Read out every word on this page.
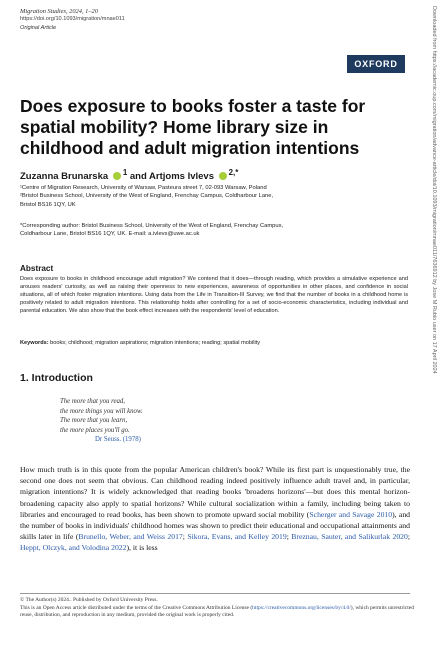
Migration Studies, 2024, 1–20
https://doi.org/10.1093/migration/mnae011
Original Article
OXFORD	Downloaded from https://academic.oup.com/migration/advance-article/doi/10.1093/migration/mnae011/7636912 by Jose M Rubio user on 17 April 2024
Does exposure to books foster a taste for spatial mobility? Home library size in childhood and adult migration intentions
Zuzanna Brunarska $^1$ and Artjoms Ivlevs $^{2,*}$
¹Centre of Migration Research, University of Warsaw, Pasteura street 7, 02-093 Warsaw, Poland
²Bristol Business School, University of the West of England, Frenchay Campus, Coldharbour Lane,
Bristol BS16 1QY, UK
*Corresponding author: Bristol Business School, University of the West of England, Frenchay Campus,
Coldharbour Lane, Bristol BS16 1QY, UK. E-mail: a.ivlevs@uwe.ac.uk
Abstract
Does exposure to books in childhood encourage adult migration? We contend that it does—through reading, which provides a simulative experience and arouses readers' curiosity, as well as raising their openness to new experiences, awareness of opportunities in other places, and confidence in social situations, all of which foster migration intentions. Using data from the Life in Transition-III Survey, we find that the number of books in a childhood home is positively related to adult migration intentions. This relationship holds after controlling for a set of socio-economic characteristics, including individual and parental education. We also show that the book effect increases with the respondents' level of education.
Keywords: books; childhood; migration aspirations; migration intentions; reading; spatial mobility
1. Introduction
The more that you read,
the more things you will know.
The more that you learn,
the more places you'll go.
Dr Seuss. (1978)
How much truth is in this quote from the popular American children's book? While its first part is unquestionably true, the second one does not seem that obvious. Can childhood reading indeed positively influence adult travel and, in particular, migration intentions? It is widely acknowledged that reading books 'broadens horizons'—but does this mental horizon-broadening capacity also apply to spatial horizons? While cultural socialization within a family, including being taken to libraries and encouraged to read books, has been shown to promote upward social mobility (Scherger and Savage 2010), and the number of books in individuals' childhood homes was shown to predict their educational and occupational attainments and skills later in life (Brunello, Weber, and Weiss 2017; Sikora, Evans, and Kelley 2019; Breznau, Sauter, and Salikurlak 2020; Heppt, Olczyk, and Volodina 2022), it is less
© The Author(s) 2024.. Published by Oxford University Press.
This is an Open Access article distributed under the terms of the Creative Commons Attribution License (https://creativecommons.org/licenses/by/4.0/), which permits unrestricted reuse, distribution, and reproduction in any medium, provided the original work is properly cited.
